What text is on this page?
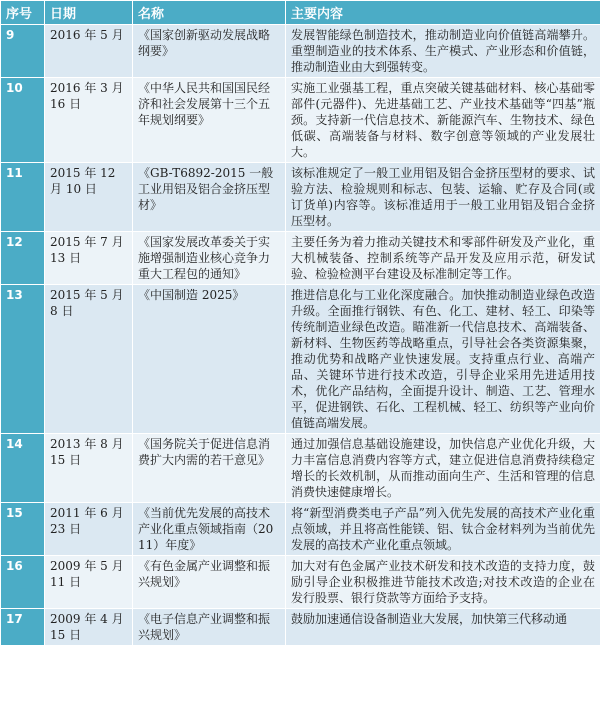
序号	日期	名称	主要内容
9	2016 年 5 月	《国家创新驱动发展战略纲要》	发展智能绿色制造技术，推动制造业向价值链高端攀升。重塑制造业的技术体系、生产模式、产业形态和价值链，推动制造业由大到强转变。
10	2016 年 3 月 16 日	《中华人民共和国国民经济和社会发展第十三个五年规划纲要》	实施工业强基工程，重点突破关键基础材料、核心基础零部件(元器件)、先进基础工艺、产业技术基础等“四基”瓶颈。支持新一代信息技术、新能源汽车、生物技术、绿色低碳、高端装备与材料、数字创意等领域的产业发展壮大。
11	2015 年 12 月 10 日	《GB-T6892-2015 一般工业用铝及铝合金挤压型材》	该标准规定了一般工业用铝及铝合金挤压型材的要求、试验方法、检验规则和标志、包装、运输、贮存及合同(或订货单)内容等。该标准适用于一般工业用铝及铝合金挤压型材。
12	2015 年 7 月 13 日	《国家发展改革委关于实施增强制造业核心竞争力重大工程包的通知》	主要任务为着力推动关键技术和零部件研发及产业化，重大机械装备、控制系统等产品开发及应用示范，研发试验、检验检测平台建设及标准制定等工作。
13	2015 年 5 月 8 日	《中国制造 2025》	推进信息化与工业化深度融合。加快推动制造业绿色改造升级。全面推行钢铁、有色、化工、建材、轻工、印染等传统制造业绿色改造。瞄准新一代信息技术、高端装备、新材料、生物医药等战略重点，引导社会各类资源集聚，推动优势和战略产业快速发展。支持重点行业、高端产品、关键环节进行技术改造，引导企业采用先进适用技术，优化产品结构，全面提升设计、制造、工艺、管理水平，促进钢铁、石化、工程机械、轻工、纺织等产业向价值链高端发展。
14	2013 年 8 月 15 日	《国务院关于促进信息消费扩大内需的若干意见》	通过加强信息基础设施建设，加快信息产业优化升级，大力丰富信息消费内容等方式，建立促进信息消费持续稳定增长的长效机制，从而推动面向生产、生活和管理的信息消费快速健康增长。
15	2011 年 6 月 23 日	《当前优先发展的高技术产业化重点领域指南（2011）年度》	将“新型消费类电子产品”列入优先发展的高技术产业化重点领域，并且将高性能镁、铝、钛合金材料列为当前优先发展的高技术产业化重点领域。
16	2009 年 5 月 11 日	《有色金属产业调整和振兴规划》	加大对有色金属产业技术研发和技术改造的支持力度，鼓励引导企业积极推进节能技术改造;对技术改造的企业在发行股票、银行贷款等方面给予支持。
17	2009 年 4 月 15 日	《电子信息产业调整和振兴规划》	鼓励加速通信设备制造业大发展，加快第三代移动通
